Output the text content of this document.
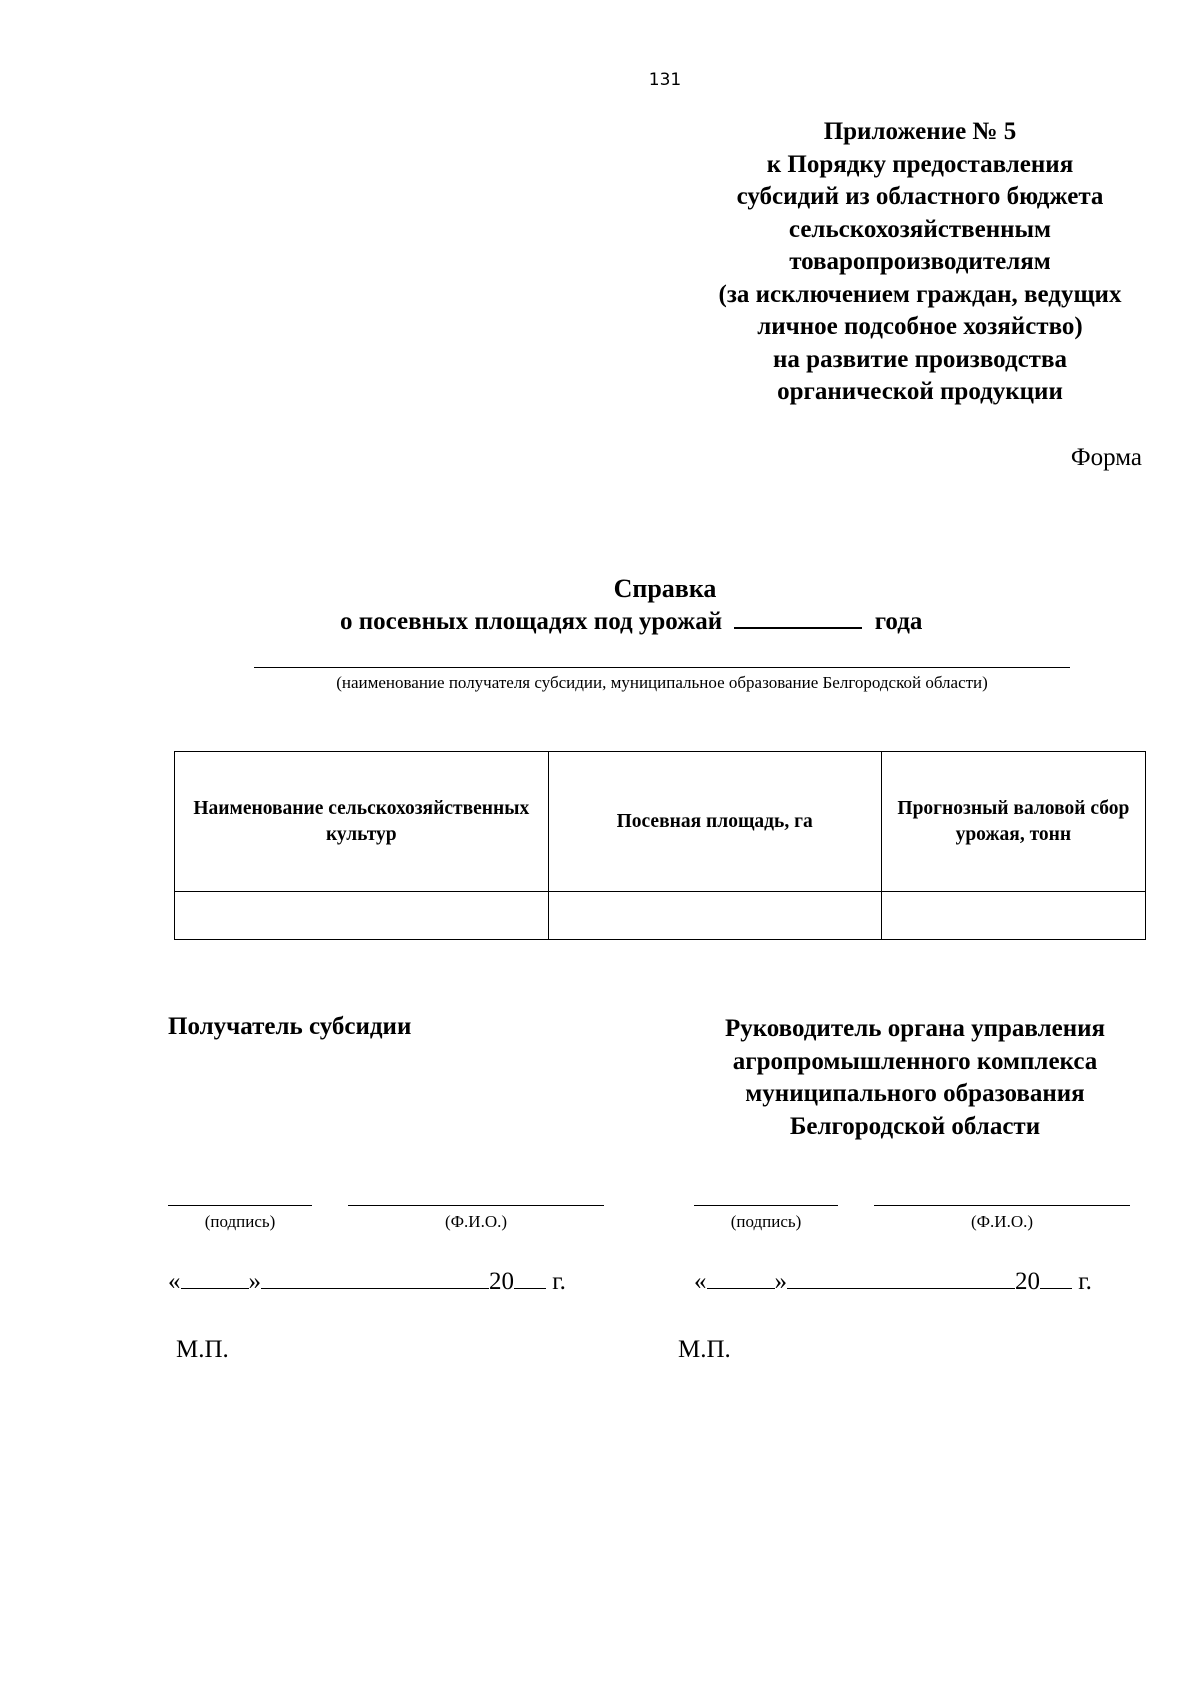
131
Приложение № 5
к Порядку предоставления
субсидий из областного бюджета
сельскохозяйственным
товаропроизводителям
(за исключением граждан, ведущих
личное подсобное хозяйство)
на развитие производства
органической продукции
Форма
Справка
о посевных площадях под урожай	года
(наименование получателя субсидии, муниципальное образование Белгородской области)
Наименование сельскохозяйственных культур	Посевная площадь, га	Прогнозный валовой сбор урожая, тонн

Получатель субсидии
(подпись)	(Ф.И.О.)
«	»	20 г.
М.П.
Руководитель органа управления
агропромышленного комплекса
муниципального образования
Белгородской области
(подпись)	(Ф.И.О.)
«	»	20 г.
М.П.
